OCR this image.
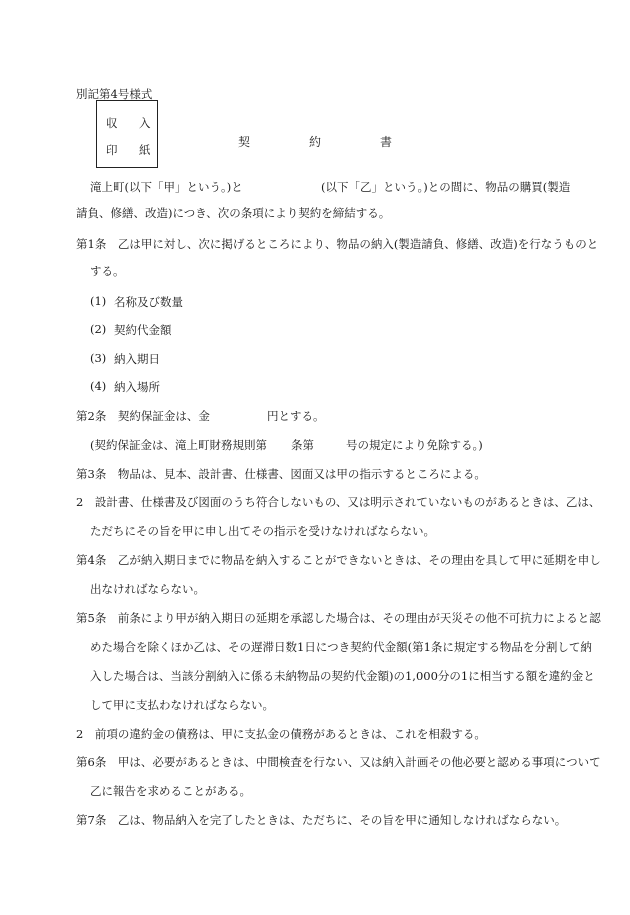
別記第4号様式

収 入
印 紙
契	約	書

滝上町(以下「甲」という。)と	(以下「乙」という。)との間に、物品の購買(製造

請負、修繕、改造)につき、次の条項により契約を締結する。

第1条　乙は甲に対し、次に掲げるところにより、物品の納入(製造請負、修繕、改造)を行なうものと

する。

(1) 名称及び数量
(2) 契約代金額
(3) 納入期日
(4) 納入場所

第2条　契約保証金は、金	円とする。

(契約保証金は、滝上町財務規則第 条第	号の規定により免除する。)

第3条　物品は、見本、設計書、仕様書、図面又は甲の指示するところによる。

2　設計書、仕様書及び図面のうち符合しないもの、又は明示されていないものがあるときは、乙は、

ただちにその旨を甲に申し出てその指示を受けなければならない。

第4条　乙が納入期日までに物品を納入することができないときは、その理由を具して甲に延期を申し

出なければならない。

第5条　前条により甲が納入期日の延期を承認した場合は、その理由が天災その他不可抗力によると認

めた場合を除くほか乙は、その遅滞日数1日につき契約代金額(第1条に規定する物品を分割して納

入した場合は、当該分割納入に係る未納物品の契約代金額)の1,000分の1に相当する額を違約金と

して甲に支払わなければならない。

2　前項の違約金の債務は、甲に支払金の債務があるときは、これを相殺する。

第6条　甲は、必要があるときは、中間検査を行ない、又は納入計画その他必要と認める事項について

乙に報告を求めることがある。

第7条　乙は、物品納入を完了したときは、ただちに、その旨を甲に通知しなければならない。
